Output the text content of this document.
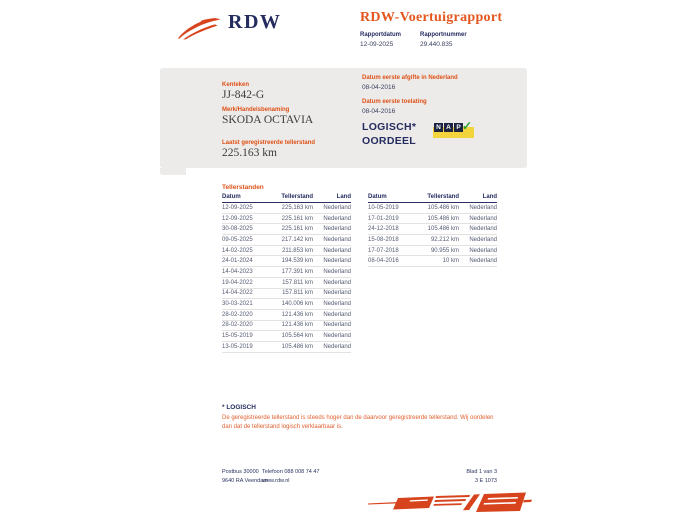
RDW	RDW-Voertuigrapport
Rapportdatum
12-09-2025
Rapportnummer
29.440.835
Kenteken
JJ-842-G
Merk/Handelsbenaming
SKODA OCTAVIA
Laatst geregistreerde tellerstand
225.163 km
Datum eerste afgifte in Nederland
08-04-2016
Datum eerste toelating
08-04-2016
LOGISCH*
OORDEEL
N A P ✓
Tellerstanden
Datum	Tellerstand	Land
12-09-2025	225.163 km	Nederland
12-09-2025	225.161 km	Nederland
30-08-2025	225.161 km	Nederland
09-05-2025	217.142 km	Nederland
14-02-2025	211.853 km	Nederland
24-01-2024	194.539 km	Nederland
14-04-2023	177.391 km	Nederland
19-04-2022	157.811 km	Nederland
14-04-2022	157.811 km	Nederland
30-03-2021	140.006 km	Nederland
28-02-2020	121.436 km	Nederland
28-02-2020	121.436 km	Nederland
15-05-2019	105.564 km	Nederland
13-05-2019	105.486 km	Nederland
Datum	Tellerstand	Land
10-05-2019	105.486 km	Nederland
17-01-2019	105.486 km	Nederland
24-12-2018	105.486 km	Nederland
15-08-2018	92.212 km	Nederland
17-07-2018	90.955 km	Nederland
08-04-2016	10 km	Nederland
* LOGISCH
De geregistreerde tellerstand is steeds hoger dan de daarvoor geregistreerde tellerstand. Wij oordelen dan dat de tellerstand logisch verklaarbaar is.
Postbus 30000
9640 RA Veendam
Telefoon 088 008 74 47
www.rdw.nl
Blad 1 van 3
3 E 1073
